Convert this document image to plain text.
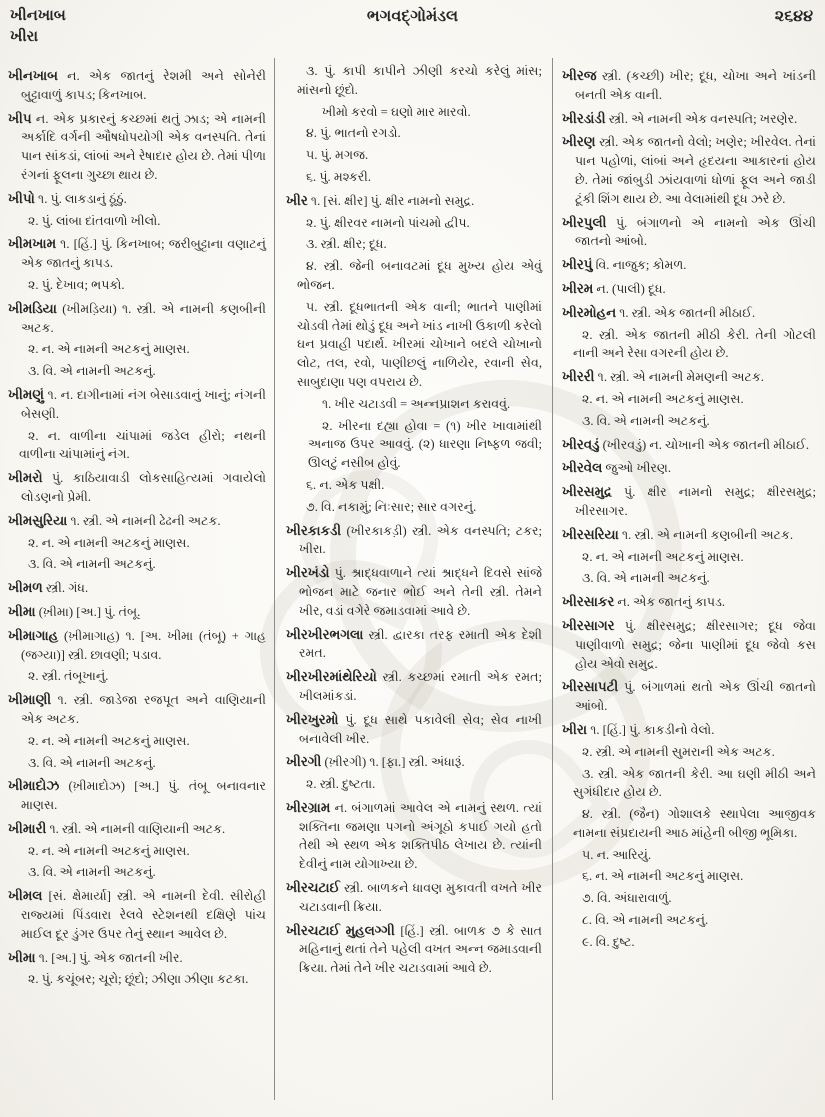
ખીનખાબ
ખીરા
ભગવદ્ગોમંડલ	૨૬૪૪
ખીનખાબ ન. એક જાતનું રેશમી અને સોનેરી બુટ્ટાવાળું કાપડ; કિનખાબ.
ખીપ ન. એક પ્રકારનું કચ્છમાં થતું ઝાડ; એ નામની અર્કાદિ વર્ગની ઔષધોપયોગી એક વનસ્પતિ. તેનાં પાન સાંકડાં, લાંબાં અને રેષાદાર હોય છે. તેમાં પીળા રંગનાં ફૂલના ગુચ્છા થાય છે.
ખીપો ૧. પું. લાકડાનું ઠૂંઠું.
૨. પું. લાંબા દાંતવાળો ખીલો.
ખીમખામ ૧. [હિં.] પું. કિનખાબ; જરીબુટ્ટાના વણાટનું એક જાતનું કાપડ.
૨. પું. દેખાવ; ભપકો.
ખીમડિયા (ખીમડ઼િયા) ૧. સ્ત્રી. એ નામની કણબીની અટક.
૨. ન. એ નામની અટકનું માણસ.
૩. વિ. એ નામની અટકનું.
ખીમણું ૧. ન. દાગીનામાં નંગ બેસાડવાનું ખાનું; નંગની બેસણી.
૨. ન. વાળીના ચાંપામાં જડેલ હીરો; નથની વાળીના ચાંપામાંનું નંગ.
ખીમરો પું. કાઠિયાવાડી લોકસાહિત્યમાં ગવાયેલો લોડણનો પ્રેમી.
ખીમસુરિયા ૧. સ્ત્રી. એ નામની ઢેઢની અટક.
૨. ન. એ નામની અટકનું માણસ.
૩. વિ. એ નામની અટકનું.
ખીમળ સ્ત્રી. ગંધ.
ખીમા (ખ઼ીમા) [અ.] પું. તંબૂ.
ખીમાગાહ (ખ઼ીમાગાહ) ૧. [અ. ખીમા (તંબૂ) + ગાહ (જગ્યા)] સ્ત્રી. છાવણી; પડાવ.
૨. સ્ત્રી. તંબૂખાનું.
ખીમાણી ૧. સ્ત્રી. જાડેજા રજપૂત અને વાણિયાની એક અટક.
૨. ન. એ નામની અટકનું માણસ.
૩. વિ. એ નામની અટકનું.
ખીમાદોઝ (ખ઼ીમાદોઝ) [અ.] પું. તંબૂ બનાવનાર માણસ.
ખીમારી ૧. સ્ત્રી. એ નામની વાણિયાની અટક.
૨. ન. એ નામની અટકનું માણસ.
૩. વિ. એ નામની અટકનું.
ખીમલ [સં. ક્ષેમાર્યા] સ્ત્રી. એ નામની દેવી. સીરોહી રાજ્યમાં પિંડવારા રેલવે સ્ટેશનથી દક્ષિણે પાંચ માઈલ દૂર ડુંગર ઉપર તેનું સ્થાન આવેલ છે.
ખીમા ૧. [અ.] પું. એક જાતની ખીર.
૨. પું. કચૂંબર; ચૂરો; છૂંદો; ઝીણા ઝીણા કટકા.
૩. પું. કાપી કાપીને ઝીણી કરચો કરેલું માંસ; માંસનો છૂંદો.
ખીમો કરવો = ઘણો માર મારવો.
૪. પું. ભાતનો રગડો.
૫. પું. મગજ.
૬. પું. મશ્કરી.
ખીર ૧. [સં. ક્ષીર] પું. ક્ષીર નામનો સમુદ્ર.
૨. પું. ક્ષીરવર નામનો પાંચમો દ્વીપ.
૩. સ્ત્રી. ક્ષીર; દૂધ.
૪. સ્ત્રી. જેની બનાવટમાં દૂધ મુખ્ય હોય એવું ભોજન.
૫. સ્ત્રી. દૂધભાતની એક વાની; ભાતને પાણીમાં ચોડવી તેમાં થોડું દૂધ અને ખાંડ નાખી ઉકાળી કરેલો ઘન પ્રવાહી પદાર્થ. ખીરમાં ચોખાને બદલે ચોખાનો લોટ, તલ, રવો, પાણીછલું નાળિયેર, રવાની સેવ, સાબુદાણા પણ વપરાય છે.
૧. ખીર ચટાડવી = અન્નપ્રાશન કરાવવું.
૨. ખીરના દહ્યા હોવા = (૧) ખીર ખાવામાંથી અનાજ ઉપર આવવું. (૨) ધારણા નિષ્ફળ જવી; ઊલટું નસીબ હોવું.
૬. ન. એક પક્ષી.
૭. વિ. નકામું; નિઃસાર; સાર વગરનું.
ખીરકાકડી (ખીરકાકડ઼ી) સ્ત્રી. એક વનસ્પતિ; ટકર; ખીરા.
ખીરખંડો પું. શ્રાદ્ધવાળાને ત્યાં શ્રાદ્ધને દિવસે સાંજે ભોજન માટે જનાર ભોઈ અને તેની સ્ત્રી. તેમને ખીર, વડાં વગેરે જમાડવામાં આવે છે.
ખીરખીરભગલા સ્ત્રી. દ્વારકા તરફ રમાતી એક દેશી રમત.
ખીરખીરમાંથેરિયો સ્ત્રી. કચ્છમાં રમાતી એક રમત; ખીલમાંકડાં.
ખીરખુરમો પું. દૂધ સાથે પકાવેલી સેવ; સેવ નાખી બનાવેલી ખીર.
ખીરગી (ખ઼ીરગી) ૧. [ફા.] સ્ત્રી. અંધારૂં.
૨. સ્ત્રી. દુષ્ટતા.
ખીરગ્રામ ન. બંગાળમાં આવેલ એ નામનું સ્થળ. ત્યાં શક્તિના જમણા પગનો અંગૂઠો કપાઈ ગયો હતો તેથી એ સ્થળ એક શક્તિપીઠ લેખાય છે. ત્યાંની દેવીનું નામ યોગાખ્યા છે.
ખીરચટાઈ સ્ત્રી. બાળકને ધાવણ મુકાવતી વખતે ખીર ચટાડવાની ક્રિયા.
ખીરચટાઈ મુહલગ્ગી [હિં.] સ્ત્રી. બાળક ૭ કે સાત મહિનાનું થતાં તેને પહેલી વખત અન્ન જમાડવાની ક્રિયા. તેમાં તેને ખીર ચટાડવામાં આવે છે.
ખીરજ સ્ત્રી. (કચ્છી) ખીર; દૂધ, ચોખા અને ખાંડની બનતી એક વાની.
ખીરડાંડી સ્ત્રી. એ નામની એક વનસ્પતિ; ખરણેર.
ખીરણ સ્ત્રી. એક જાતનો વેલો; ખણેર; ખીરવેલ. તેનાં પાન પહોળાં, લાંબાં અને હૃદયના આકારનાં હોય છે. તેમાં જાંબુડી ઝાંયવાળાં ધોળાં ફૂલ અને જાડી ટૂંકી શિંગ થાય છે. આ વેલામાંથી દૂધ ઝરે છે.
ખીરપુલી પું. બંગાળનો એ નામનો એક ઊંચી જાતનો આંબો.
ખીરપું વિ. નાજુક; કોમળ.
ખીરમ ન. (પાલી) દૂધ.
ખીરમોહન ૧. સ્ત્રી. એક જાતની મીઠાઈ.
૨. સ્ત્રી. એક જાતની મીઠી કેરી. તેની ગોટલી નાની અને રેસા વગરની હોય છે.
ખીરરી ૧. સ્ત્રી. એ નામની મેમણની અટક.
૨. ન. એ નામની અટકનું માણસ.
૩. વિ. એ નામની અટકનું.
ખીરવડું (ખીરવડ઼ું) ન. ચોખાની એક જાતની મીઠાઈ.
ખીરવેલ જુઓ ખીરણ.
ખીરસમુદ્ર પું. ક્ષીર નામનો સમુદ્ર; ક્ષીરસમુદ્ર; ખીરસાગર.
ખીરસરિયા ૧. સ્ત્રી. એ નામની કણબીની અટક.
૨. ન. એ નામની અટકનું માણસ.
૩. વિ. એ નામની અટકનું.
ખીરસાકર ન. એક જાતનું કાપડ.
ખીરસાગર પું. ક્ષીરસમુદ્ર; ક્ષીરસાગર; દૂધ જેવા પાણીવાળો સમુદ્ર; જેના પાણીમાં દૂધ જેવો કસ હોય એવો સમુદ્ર.
ખીરસાપટી પું. બંગાળમાં થતો એક ઊંચી જાતનો આંબો.
ખીરા ૧. [હિં.] પું. કાકડીનો વેલો.
૨. સ્ત્રી. એ નામની સુમરાની એક અટક.
૩. સ્ત્રી. એક જાતની કેરી. આ ઘણી મીઠી અને સુગંધીદાર હોય છે.
૪. સ્ત્રી. (જૈન) ગોશાલકે સ્થાપેલા આજીવક નામના સંપ્રદાયની આઠ માંહેની બીજી ભૂમિકા.
૫. ન. આરિયું.
૬. ન. એ નામની અટકનું માણસ.
૭. વિ. અંધારાવાળું.
૮. વિ. એ નામની અટકનું.
૯. વિ. દુષ્ટ.
